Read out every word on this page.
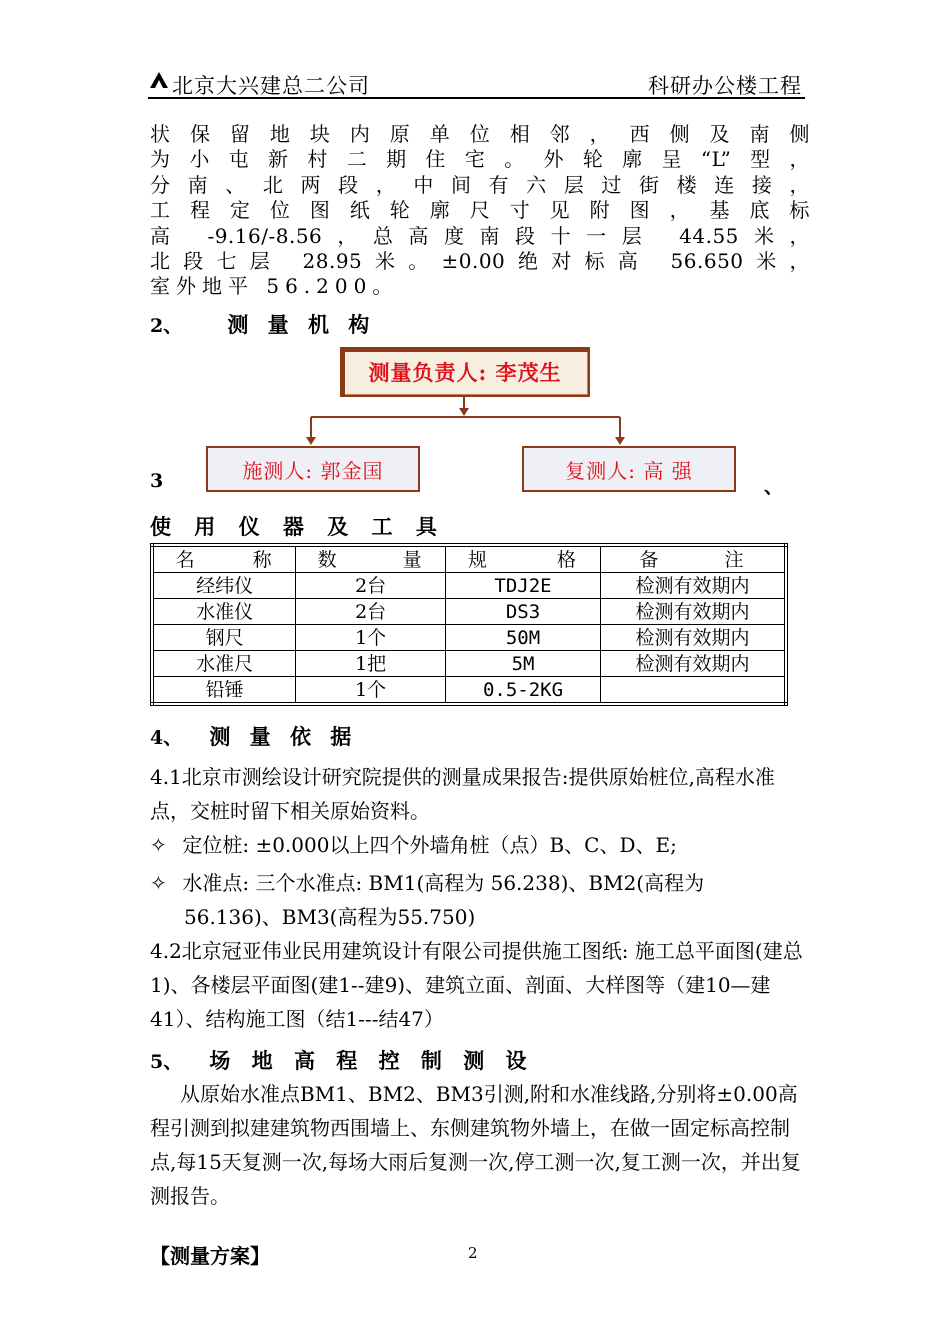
北京大兴建总二公司	科研办公楼工程
状保留地块内原单位相邻，西侧及南侧
为小屯新村二期住宅。外轮廓呈“L”型，
分南、北两段，中间有六层过街楼连接，
工程定位图纸轮廓尺寸见附图，基底标
高 -9.16/-8.56，总高度南段十一层 44.55米，
北段七层 28.95米。±0.00绝对标高 56.650米，
室外地平 56.200。
2、 测 量 机 构
测量负责人: 李茂生
施测人: 郭金国	复测人: 高 强
3	、
使 用 仪 器 及 工 具
名 称	数 量	规 格	备 注
经纬仪	2台	TDJ2E	检测有效期内
水准仪	2台	DS3	检测有效期内
钢尺	1个	50M	检测有效期内
水准尺	1把	5M	检测有效期内
铅锤	1个	0.5-2KG	
4、 测 量 依 据
4.1北京市测绘设计研究院提供的测量成果报告:提供原始桩位,高程水准点，交桩时留下相关原始资料。
✧ 定位桩: ±0.000以上四个外墙角桩（点）B、C、D、E;
✧ 水准点: 三个水准点: BM1(高程为 56.238)、BM2(高程为
56.136)、BM3(高程为55.750)
4.2北京冠亚伟业民用建筑设计有限公司提供施工图纸: 施工总平面图(建总1)、各楼层平面图(建1--建9)、建筑立面、剖面、大样图等（建10—建41）、结构施工图（结1---结47）
5、 场 地 高 程 控 制 测 设
从原始水准点BM1、BM2、BM3引测,附和水准线路,分别将±0.00高程引测到拟建建筑物西围墙上、东侧建筑物外墙上，在做一固定标高控制点,每15天复测一次,每场大雨后复测一次,停工测一次,复工测一次，并出复测报告。
【测量方案】	2
